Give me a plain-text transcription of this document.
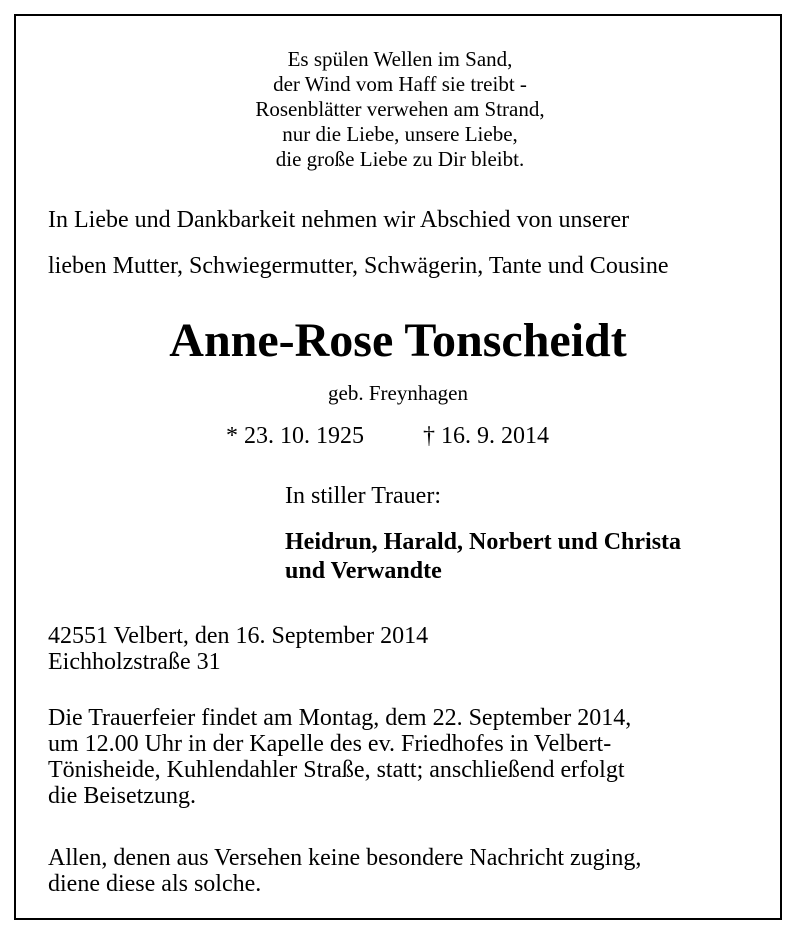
Es spülen Wellen im Sand,
der Wind vom Haff sie treibt -
Rosenblätter verwehen am Strand,
nur die Liebe, unsere Liebe,
die große Liebe zu Dir bleibt.
In Liebe und Dankbarkeit nehmen wir Abschied von unserer
lieben Mutter, Schwiegermutter, Schwägerin, Tante und Cousine
Anne-Rose Tonscheidt
geb. Freynhagen
* 23. 10. 1925 † 16. 9. 2014
In stiller Trauer:
Heidrun, Harald, Norbert und Christa
und Verwandte
42551 Velbert, den 16. September 2014
Eichholzstraße 31
Die Trauerfeier findet am Montag, dem 22. September 2014,
um 12.00 Uhr in der Kapelle des ev. Friedhofes in Velbert-
Tönisheide, Kuhlendahler Straße, statt; anschließend erfolgt
die Beisetzung.
Allen, denen aus Versehen keine besondere Nachricht zuging,
diene diese als solche.
